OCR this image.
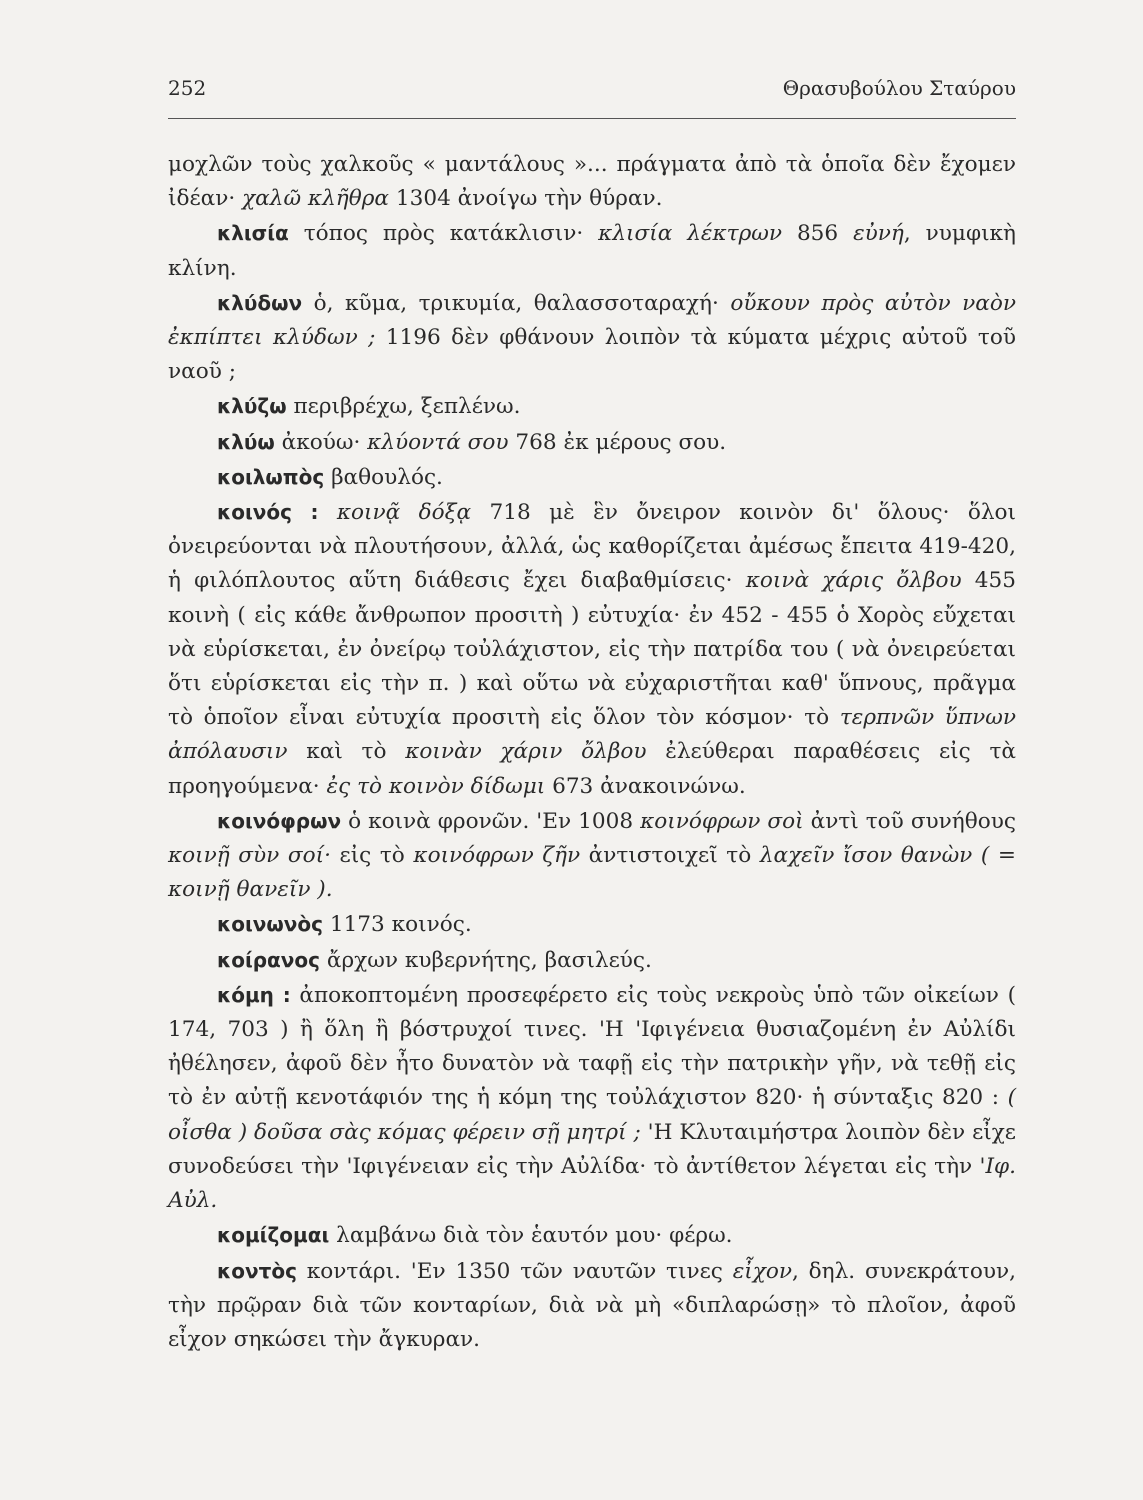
252	Θρασυβούλου Σταύρου

μοχλῶν τοὺς χαλκοῦς « μαντάλους »... πράγματα ἀπὸ τὰ ὁποῖα δὲν ἔχομεν ἰδέαν· χαλῶ κλῆθρα 1304 ἀνοίγω τὴν θύραν.

κλισία τόπος πρὸς κατάκλισιν· κλισία λέκτρων 856 εὐνή, νυμφικὴ κλίνη.

κλύδων ὁ, κῦμα, τρικυμία, θαλασσοταραχή· οὔκουν πρὸς αὐτὸν ναὸν ἐκπίπτει κλύδων ; 1196 δὲν φθάνουν λοιπὸν τὰ κύματα μέχρις αὐτοῦ τοῦ ναοῦ ;

κλύζω περιβρέχω, ξεπλένω.

κλύω ἀκούω· κλύοντά σου 768 ἐκ μέρους σου.

κοιλωπὸς βαθουλός.

κοινός : κοινᾷ δόξᾳ 718 μὲ ἓν ὄνειρον κοινὸν δι' ὅλους· ὅλοι ὀνειρεύονται νὰ πλουτήσουν, ἀλλά, ὡς καθορίζεται ἀμέσως ἔπειτα 419-420, ἡ φιλόπλουτος αὕτη διάθεσις ἔχει διαβαθμίσεις· κοινὰ χάρις ὄλβου 455 κοινὴ ( εἰς κάθε ἄνθρωπον προσιτὴ ) εὐτυχία· ἐν 452 - 455 ὁ Χορὸς εὔχεται νὰ εὑρίσκεται, ἐν ὀνείρῳ τοὐλάχιστον, εἰς τὴν πατρίδα του ( νὰ ὀνειρεύεται ὅτι εὑρίσκεται εἰς τὴν π. ) καὶ οὕτω νὰ εὐχαριστῆται καθ' ὕπνους, πρᾶγμα τὸ ὁποῖον εἶναι εὐτυχία προσιτὴ εἰς ὅλον τὸν κόσμον· τὸ τερπνῶν ὕπνων ἀπόλαυσιν καὶ τὸ κοινὰν χάριν ὄλβου ἐλεύθεραι παραθέσεις εἰς τὰ προηγούμενα· ἐς τὸ κοινὸν δίδωμι 673 ἀνακοινώνω.

κοινόφρων ὁ κοινὰ φρονῶν. 'Εν 1008 κοινόφρων σοὶ ἀντὶ τοῦ συνήθους κοινῇ σὺν σοί· εἰς τὸ κοινόφρων ζῆν ἀντιστοιχεῖ τὸ λαχεῖν ἴσον θανὼν ( = κοινῇ θανεῖν ).

κοινωνὸς 1173 κοινός.

κοίρανος ἄρχων κυβερνήτης, βασιλεύς.

κόμη : ἀποκοπτομένη προσεφέρετο εἰς τοὺς νεκροὺς ὑπὸ τῶν οἰκείων ( 174, 703 ) ἢ ὅλη ἢ βόστρυχοί τινες. 'Η 'Ιφιγένεια θυσιαζομένη ἐν Αὐλίδι ἠθέλησεν, ἀφοῦ δὲν ἦτο δυνατὸν νὰ ταφῇ εἰς τὴν πατρικὴν γῆν, νὰ τεθῇ εἰς τὸ ἐν αὐτῇ κενοτάφιόν της ἡ κόμη της τοὐλάχιστον 820· ἡ σύνταξις 820 : ( οἶσθα ) δοῦσα σὰς κόμας φέρειν σῇ μητρί ; 'Η Κλυταιμήστρα λοιπὸν δὲν εἶχε συνοδεύσει τὴν 'Ιφιγένειαν εἰς τὴν Αὐλίδα· τὸ ἀντίθετον λέγεται εἰς τὴν 'Ιφ. Αὐλ.

κομίζομαι λαμβάνω διὰ τὸν ἑαυτόν μου· φέρω.

κοντὸς κοντάρι. 'Εν 1350 τῶν ναυτῶν τινες εἶχον, δηλ. συνεκράτουν, τὴν πρῷραν διὰ τῶν κονταρίων, διὰ νὰ μὴ «διπλαρώσῃ» τὸ πλοῖον, ἀφοῦ εἶχον σηκώσει τὴν ἄγκυραν.
